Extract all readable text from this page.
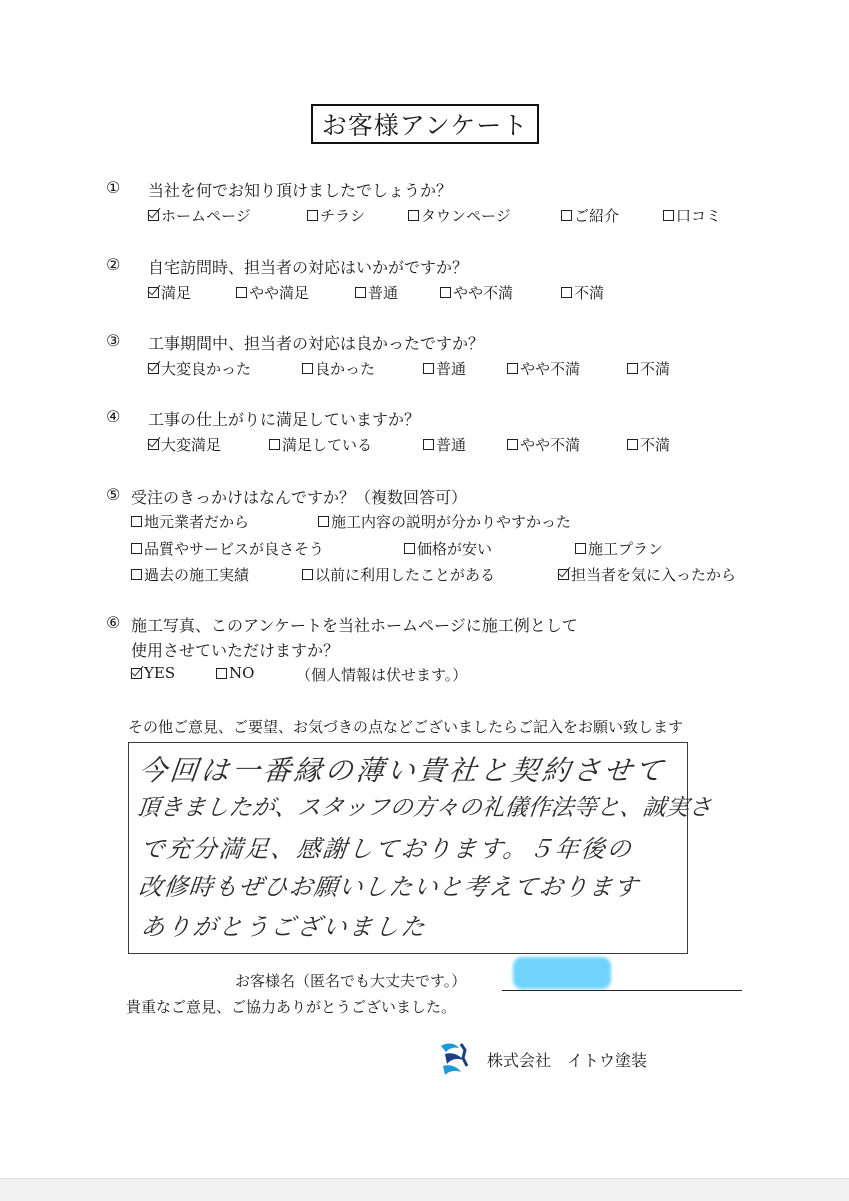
お客様アンケート
① 当社を何でお知り頂けましたでしょうか？
ホームページ	チラシ	タウンページ	ご紹介	口コミ
② 自宅訪問時、担当者の対応はいかがですか？
満足	やや満足	普通	やや不満	不満
③ 工事期間中、担当者の対応は良かったですか？
大変良かった	良かった	普通	やや不満	不満
④ 工事の仕上がりに満足していますか？
大変満足	満足している	普通	やや不満	不満
⑤ 受注のきっかけはなんですか？（複数回答可）
地元業者だから	施工内容の説明が分かりやすかった
品質やサービスが良さそう	価格が安い	施工プラン
過去の施工実績	以前に利用したことがある	担当者を気に入ったから
⑥ 施工写真、このアンケートを当社ホームページに施工例として
使用させていただけますか？
YES	NO	（個人情報は伏せます。）
その他ご意見、ご要望、お気づきの点などございましたらご記入をお願い致します
今回は一番縁の薄い貴社と契約させて
頂きましたが、スタッフの方々の礼儀作法等と、誠実さ
で充分満足、感謝しております。５年後の
改修時もぜひお願いしたいと考えております
ありがとうございました
お客様名（匿名でも大丈夫です。）
貴重なご意見、ご協力ありがとうございました。
株式会社　イトウ塗装
